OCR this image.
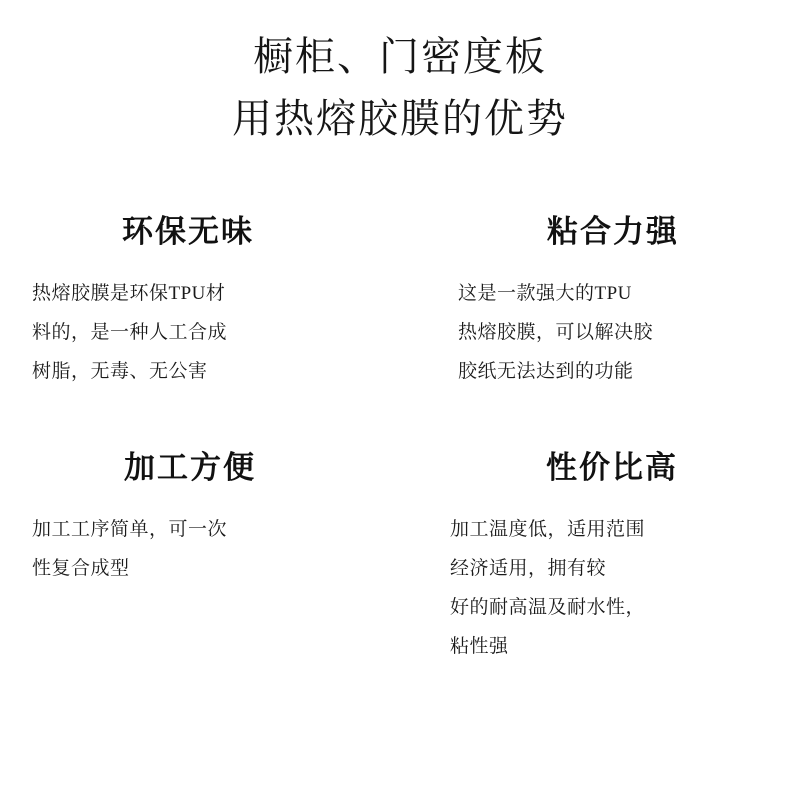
橱柜、门密度板
用热熔胶膜的优势
环保无味

热熔胶膜是环保TPU材

料的，是一种人工合成

树脂，无毒、无公害

粘合力强

这是一款强大的TPU

热熔胶膜，可以解决胶

胶纸无法达到的功能

加工方便

加工工序简单，可一次

性复合成型

性价比高

加工温度低，适用范围

经济适用，拥有较

好的耐高温及耐水性，

粘性强
